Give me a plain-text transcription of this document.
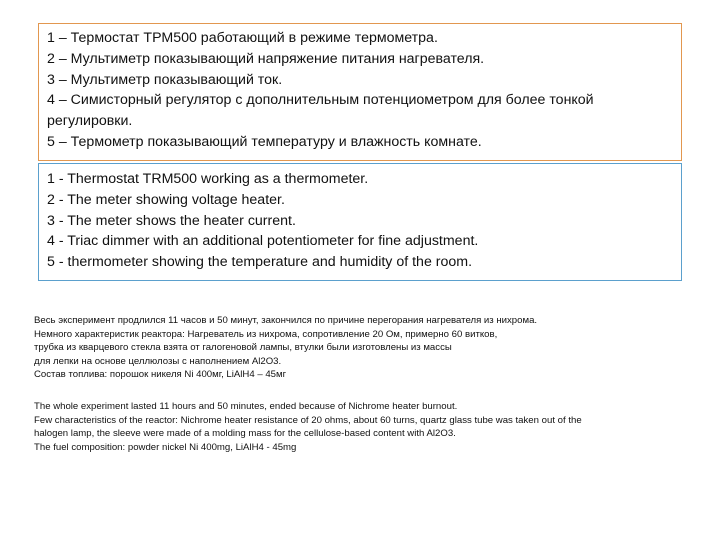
1 – Термостат ТРМ500 работающий в режиме термометра.
2 – Мультиметр показывающий напряжение питания нагревателя.
3 – Мультиметр показывающий ток.
4 – Симисторный регулятор с дополнительным потенциометром для более тонкой регулировки.
5 – Термометр показывающий температуру и влажность комнате.
1 - Thermostat TRM500 working as a thermometer.
2 - The meter showing voltage heater.
3 - The meter shows the heater current.
4 - Triac dimmer with an additional potentiometer for fine adjustment.
5 - thermometer showing the temperature and humidity of the room.
Весь эксперимент продлился 11 часов и 50 минут, закончился по причине перегорания нагревателя из нихрома.
Немного характеристик реактора: Нагреватель из нихрома, сопротивление 20 Ом, примерно 60 витков,
трубка из кварцевого стекла взята от галогеновой лампы, втулки были изготовлены из массы
для лепки на основе целлюлозы с наполнением Al2O3.
Состав топлива: порошок никеля Ni 400мг, LiAlH4 – 45мг
The whole experiment lasted 11 hours and 50 minutes, ended because of Nichrome heater burnout.
Few characteristics of the reactor: Nichrome heater resistance of 20 ohms, about 60 turns, quartz glass tube was taken out of the
halogen lamp, the sleeve were made of a molding mass for the cellulose-based content with Al2O3.
The fuel composition: powder nickel Ni 400mg, LiAlH4 - 45mg
